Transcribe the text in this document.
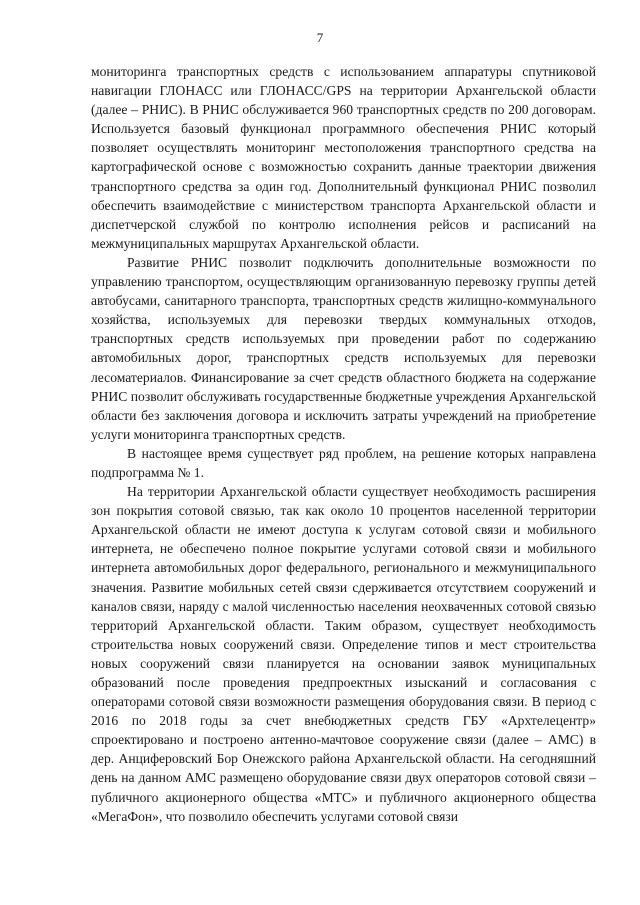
7

мониторинга транспортных средств с использованием аппаратуры спутниковой навигации ГЛОНАСС или ГЛОНАСС/GPS на территории Архангельской области (далее – РНИС). В РНИС обслуживается 960 транспортных средств по 200 договорам. Используется базовый функционал программного обеспечения РНИС который позволяет осуществлять мониторинг местоположения транспортного средства на картографической основе с возможностью сохранить данные траектории движения транспортного средства за один год. Дополнительный функционал РНИС позволил обеспечить взаимодействие с министерством транспорта Архангельской области и диспетчерской службой по контролю исполнения рейсов и расписаний на межмуниципальных маршрутах Архангельской области.

Развитие РНИС позволит подключить дополнительные возможности по управлению транспортом, осуществляющим организованную перевозку группы детей автобусами, санитарного транспорта, транспортных средств жилищно-коммунального хозяйства, используемых для перевозки твердых коммунальных отходов, транспортных средств используемых при проведении работ по содержанию автомобильных дорог, транспортных средств используемых для перевозки лесоматериалов. Финансирование за счет средств областного бюджета на содержание РНИС позволит обслуживать государственные бюджетные учреждения Архангельской области без заключения договора и исключить затраты учреждений на приобретение услуги мониторинга транспортных средств.

В настоящее время существует ряд проблем, на решение которых направлена подпрограмма № 1.

На территории Архангельской области существует необходимость расширения зон покрытия сотовой связью, так как около 10 процентов населенной территории Архангельской области не имеют доступа к услугам сотовой связи и мобильного интернета, не обеспечено полное покрытие услугами сотовой связи и мобильного интернета автомобильных дорог федерального, регионального и межмуниципального значения. Развитие мобильных сетей связи сдерживается отсутствием сооружений и каналов связи, наряду с малой численностью населения неохваченных сотовой связью территорий Архангельской области. Таким образом, существует необходимость строительства новых сооружений связи. Определение типов и мест строительства новых сооружений связи планируется на основании заявок муниципальных образований после проведения предпроектных изысканий и согласования с операторами сотовой связи возможности размещения оборудования связи. В период с 2016 по 2018 годы за счет внебюджетных средств ГБУ «Архтелецентр» спроектировано и построено антенно-мачтовое сооружение связи (далее – АМС) в дер. Анциферовский Бор Онежского района Архангельской области. На сегодняшний день на данном АМС размещено оборудование связи двух операторов сотовой связи – публичного акционерного общества «МТС» и публичного акционерного общества «МегаФон», что позволило обеспечить услугами сотовой связи
